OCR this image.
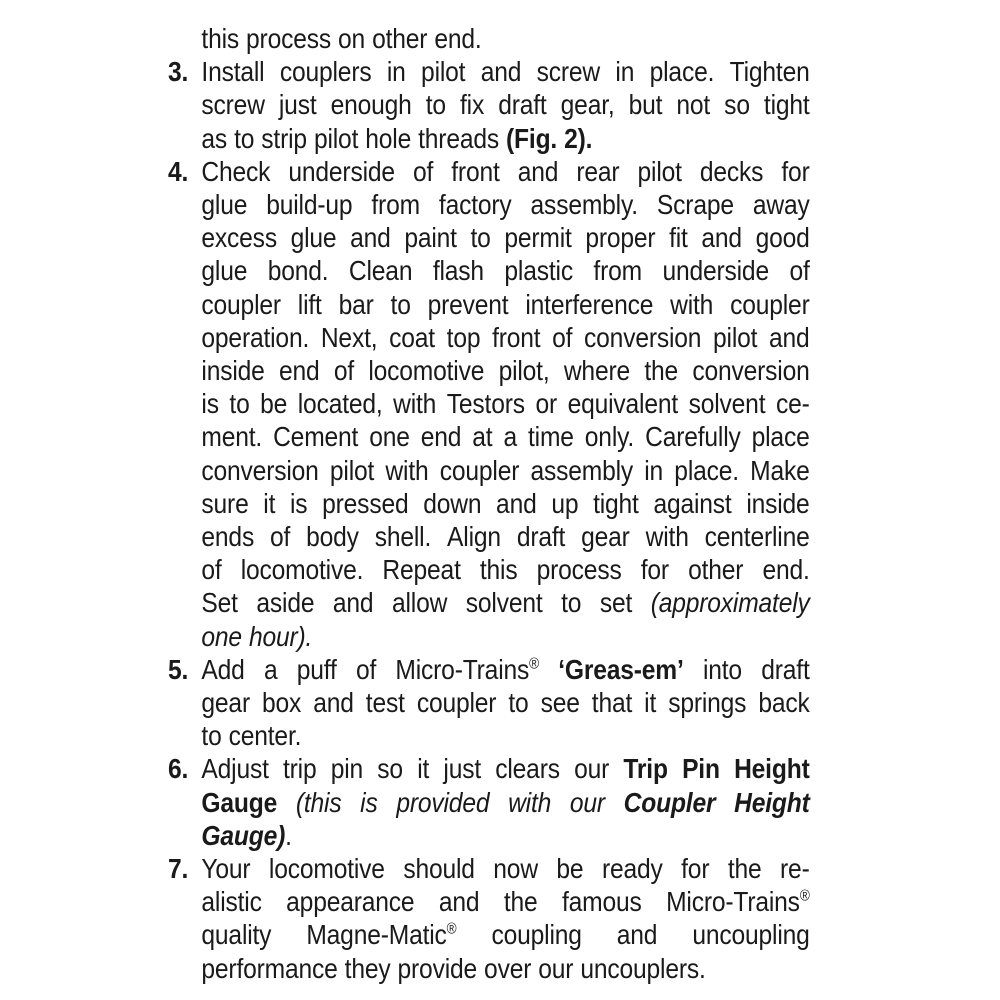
this process on other end.
3. Install couplers in pilot and screw in place. Tighten
screw just enough to fix draft gear, but not so tight
as to strip pilot hole threads (Fig. 2).
4. Check underside of front and rear pilot decks for
glue build-up from factory assembly. Scrape away
excess glue and paint to permit proper fit and good
glue bond. Clean flash plastic from underside of
coupler lift bar to prevent interference with coupler
operation. Next, coat top front of conversion pilot and
inside end of locomotive pilot, where the conversion
is to be located, with Testors or equivalent solvent ce-
ment. Cement one end at a time only. Carefully place
conversion pilot with coupler assembly in place. Make
sure it is pressed down and up tight against inside
ends of body shell. Align draft gear with centerline
of locomotive. Repeat this process for other end.
Set aside and allow solvent to set (approximately
one hour).
5. Add a puff of Micro-Trains® ‘Greas-em’ into draft
gear box and test coupler to see that it springs back
to center.
6. Adjust trip pin so it just clears our Trip Pin Height
Gauge (this is provided with our Coupler Height
Gauge).
7. Your locomotive should now be ready for the re-
alistic appearance and the famous Micro-Trains®
quality Magne-Matic® coupling and uncoupling
performance they provide over our uncouplers.
